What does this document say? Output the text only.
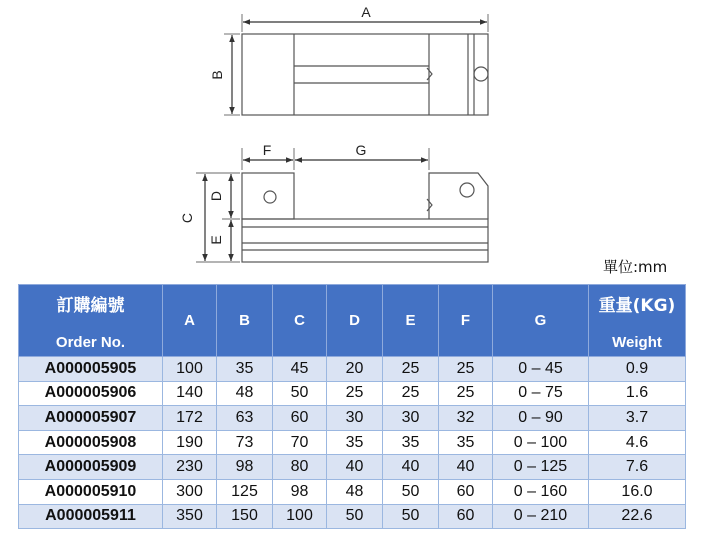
A
B
F	G
C
D
E
單位:mm
訂購編號
Order No.	A	B	C	D	E	F	G	重量(KG)
Weight

A000005905	100	35	45	20	25	25	0 – 45	0.9
A000005906	140	48	50	25	25	25	0 – 75	1.6
A000005907	172	63	60	30	30	32	0 – 90	3.7
A000005908	190	73	70	35	35	35	0 – 100	4.6
A000005909	230	98	80	40	40	40	0 – 125	7.6
A000005910	300	125	98	48	50	60	0 – 160	16.0
A000005911	350	150	100	50	50	60	0 – 210	22.6
